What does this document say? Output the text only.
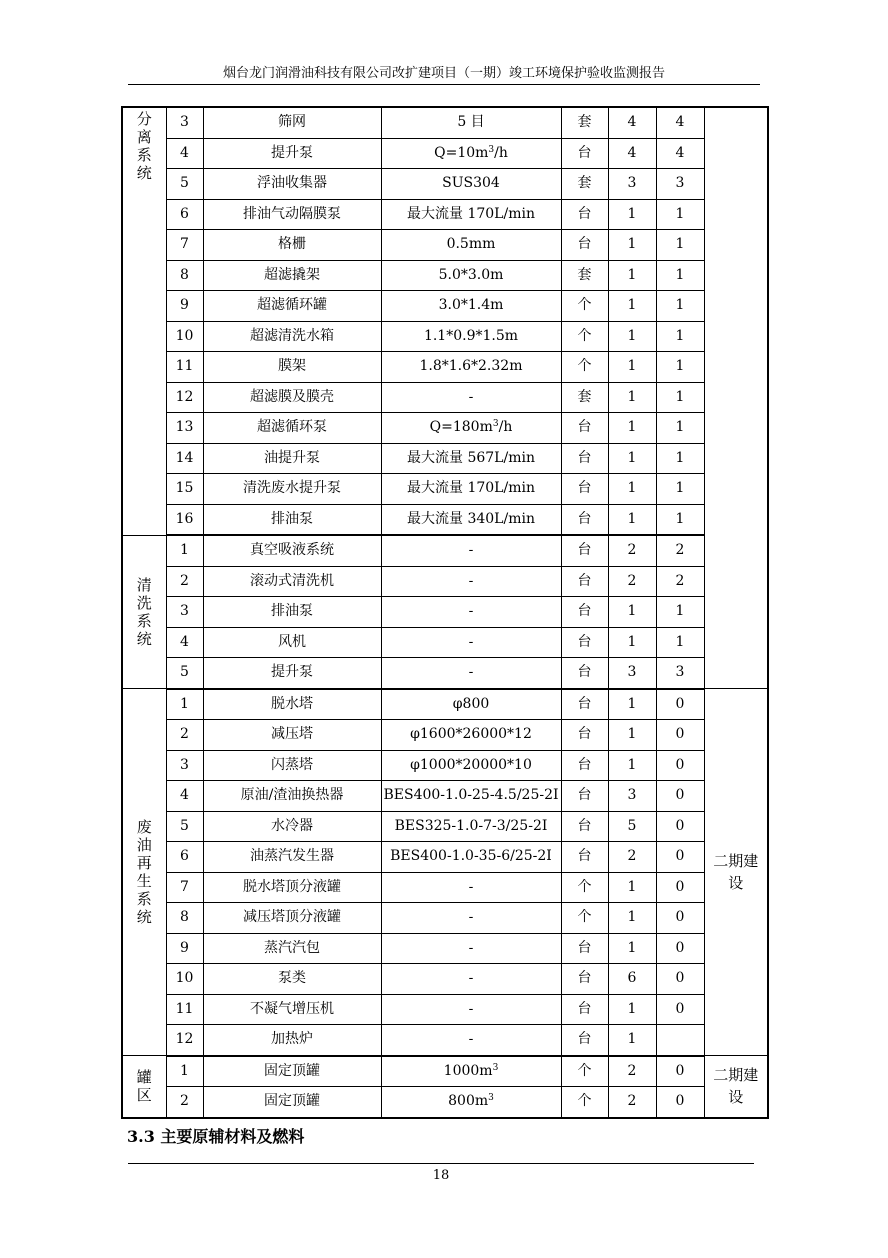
烟台龙门润滑油科技有限公司改扩建项目（一期）竣工环境保护验收监测报告
分离系统	3	筛网	5 目	套	4	4	
	4	提升泵	$Q=10m^3/h$	台	4	4	
	5	浮油收集器	SUS304	套	3	3	
	6	排油气动隔膜泵	最大流量 170L/min	台	1	1	
	7	格栅	0.5mm	台	1	1	
	8	超滤撬架	5.0*3.0m	套	1	1	
	9	超滤循环罐	3.0*1.4m	个	1	1	
	10	超滤清洗水箱	1.1*0.9*1.5m	个	1	1	
	11	膜架	1.8*1.6*2.32m	个	1	1	
	12	超滤膜及膜壳	-	套	1	1	
	13	超滤循环泵	$Q=180m^3/h$	台	1	1	
	14	油提升泵	最大流量 567L/min	台	1	1	
	15	清洗废水提升泵	最大流量 170L/min	台	1	1	
	16	排油泵	最大流量 340L/min	台	1	1	
清洗系统	1	真空吸液系统	-	台	2	2	
	2	滚动式清洗机	-	台	2	2	
	3	排油泵	-	台	1	1	
	4	风机	-	台	1	1	
	5	提升泵	-	台	3	3	
废油再生系统	1	脱水塔	φ800	台	1	0	二期建设
	2	减压塔	φ1600*26000*12	台	1	0	
	3	闪蒸塔	φ1000*20000*10	台	1	0	
	4	原油/渣油换热器	BES400-1.0-25-4.5/25-2I	台	3	0	
	5	水冷器	BES325-1.0-7-3/25-2I	台	5	0	
	6	油蒸汽发生器	BES400-1.0-35-6/25-2I	台	2	0	
	7	脱水塔顶分液罐	-	个	1	0	
	8	减压塔顶分液罐	-	个	1	0	
	9	蒸汽汽包	-	台	1	0	
	10	泵类	-	台	6	0	
	11	不凝气增压机	-	台	1	0	
	12	加热炉	-	台	1		
罐区	1	固定顶罐	$1000m^3$	个	2	0	二期建设
	2	固定顶罐	$800m^3$	个	2	0	
3.3 主要原辅材料及燃料
18
